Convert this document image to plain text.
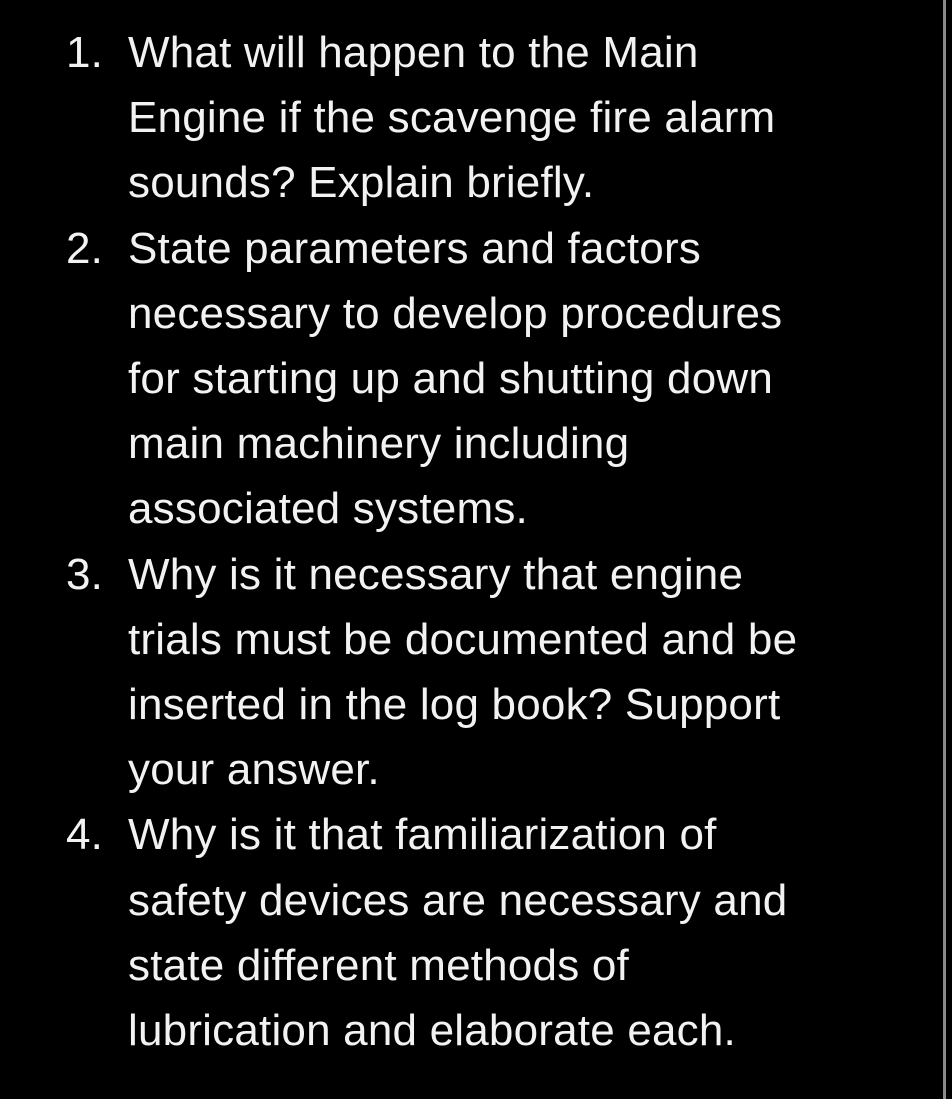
1. What will happen to the Main
Engine if the scavenge fire alarm
sounds? Explain briefly.
2. State parameters and factors
necessary to develop procedures
for starting up and shutting down
main machinery including
associated systems.
3. Why is it necessary that engine
trials must be documented and be
inserted in the log book? Support
your answer.
4. Why is it that familiarization of
safety devices are necessary and
state different methods of
lubrication and elaborate each.
